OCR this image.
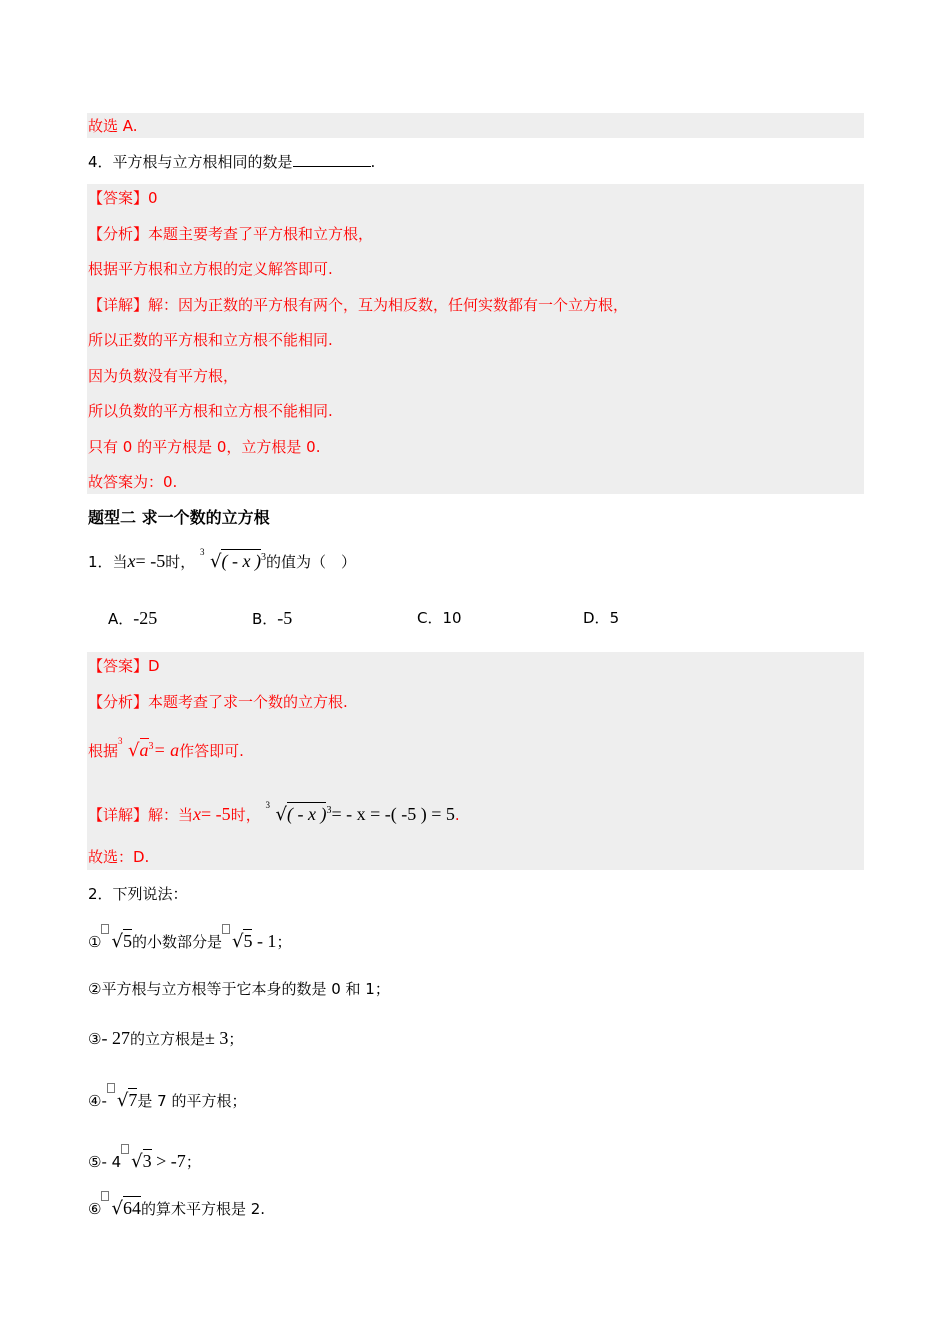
故选 A.
4．平方根与立方根相同的数是	.
【答案】0
【分析】本题主要考查了平方根和立方根，
根据平方根和立方根的定义解答即可.
【详解】解：因为正数的平方根有两个，互为相反数，任何实数都有一个立方根，
所以正数的平方根和立方根不能相同.
因为负数没有平方根，
所以负数的平方根和立方根不能相同.
只有 0 的平方根是 0，立方根是 0.
故答案为：0.
题型二 求一个数的立方根
1．当x= -5时，
3 √( - x )$^3$的值为（　）
A．-25	B．-5	C．10	D．5
【答案】D
【分析】本题考查了求一个数的立方根.
根据
3 $√a^3= a$作答即可.
【详解】解：当x= -5时，
3 √( - x )$^3$= - x = -( -5 ) = 5.
故选：D.
2．下列说法：
① √5的小数部分是 √5 - 1；
②平方根与立方根等于它本身的数是 0 和 1；
③- 27的立方根是± 3；
④- √7是 7 的平方根；
⑤- 4 √3 > -7；
⑥ √64的算术平方根是 2.
